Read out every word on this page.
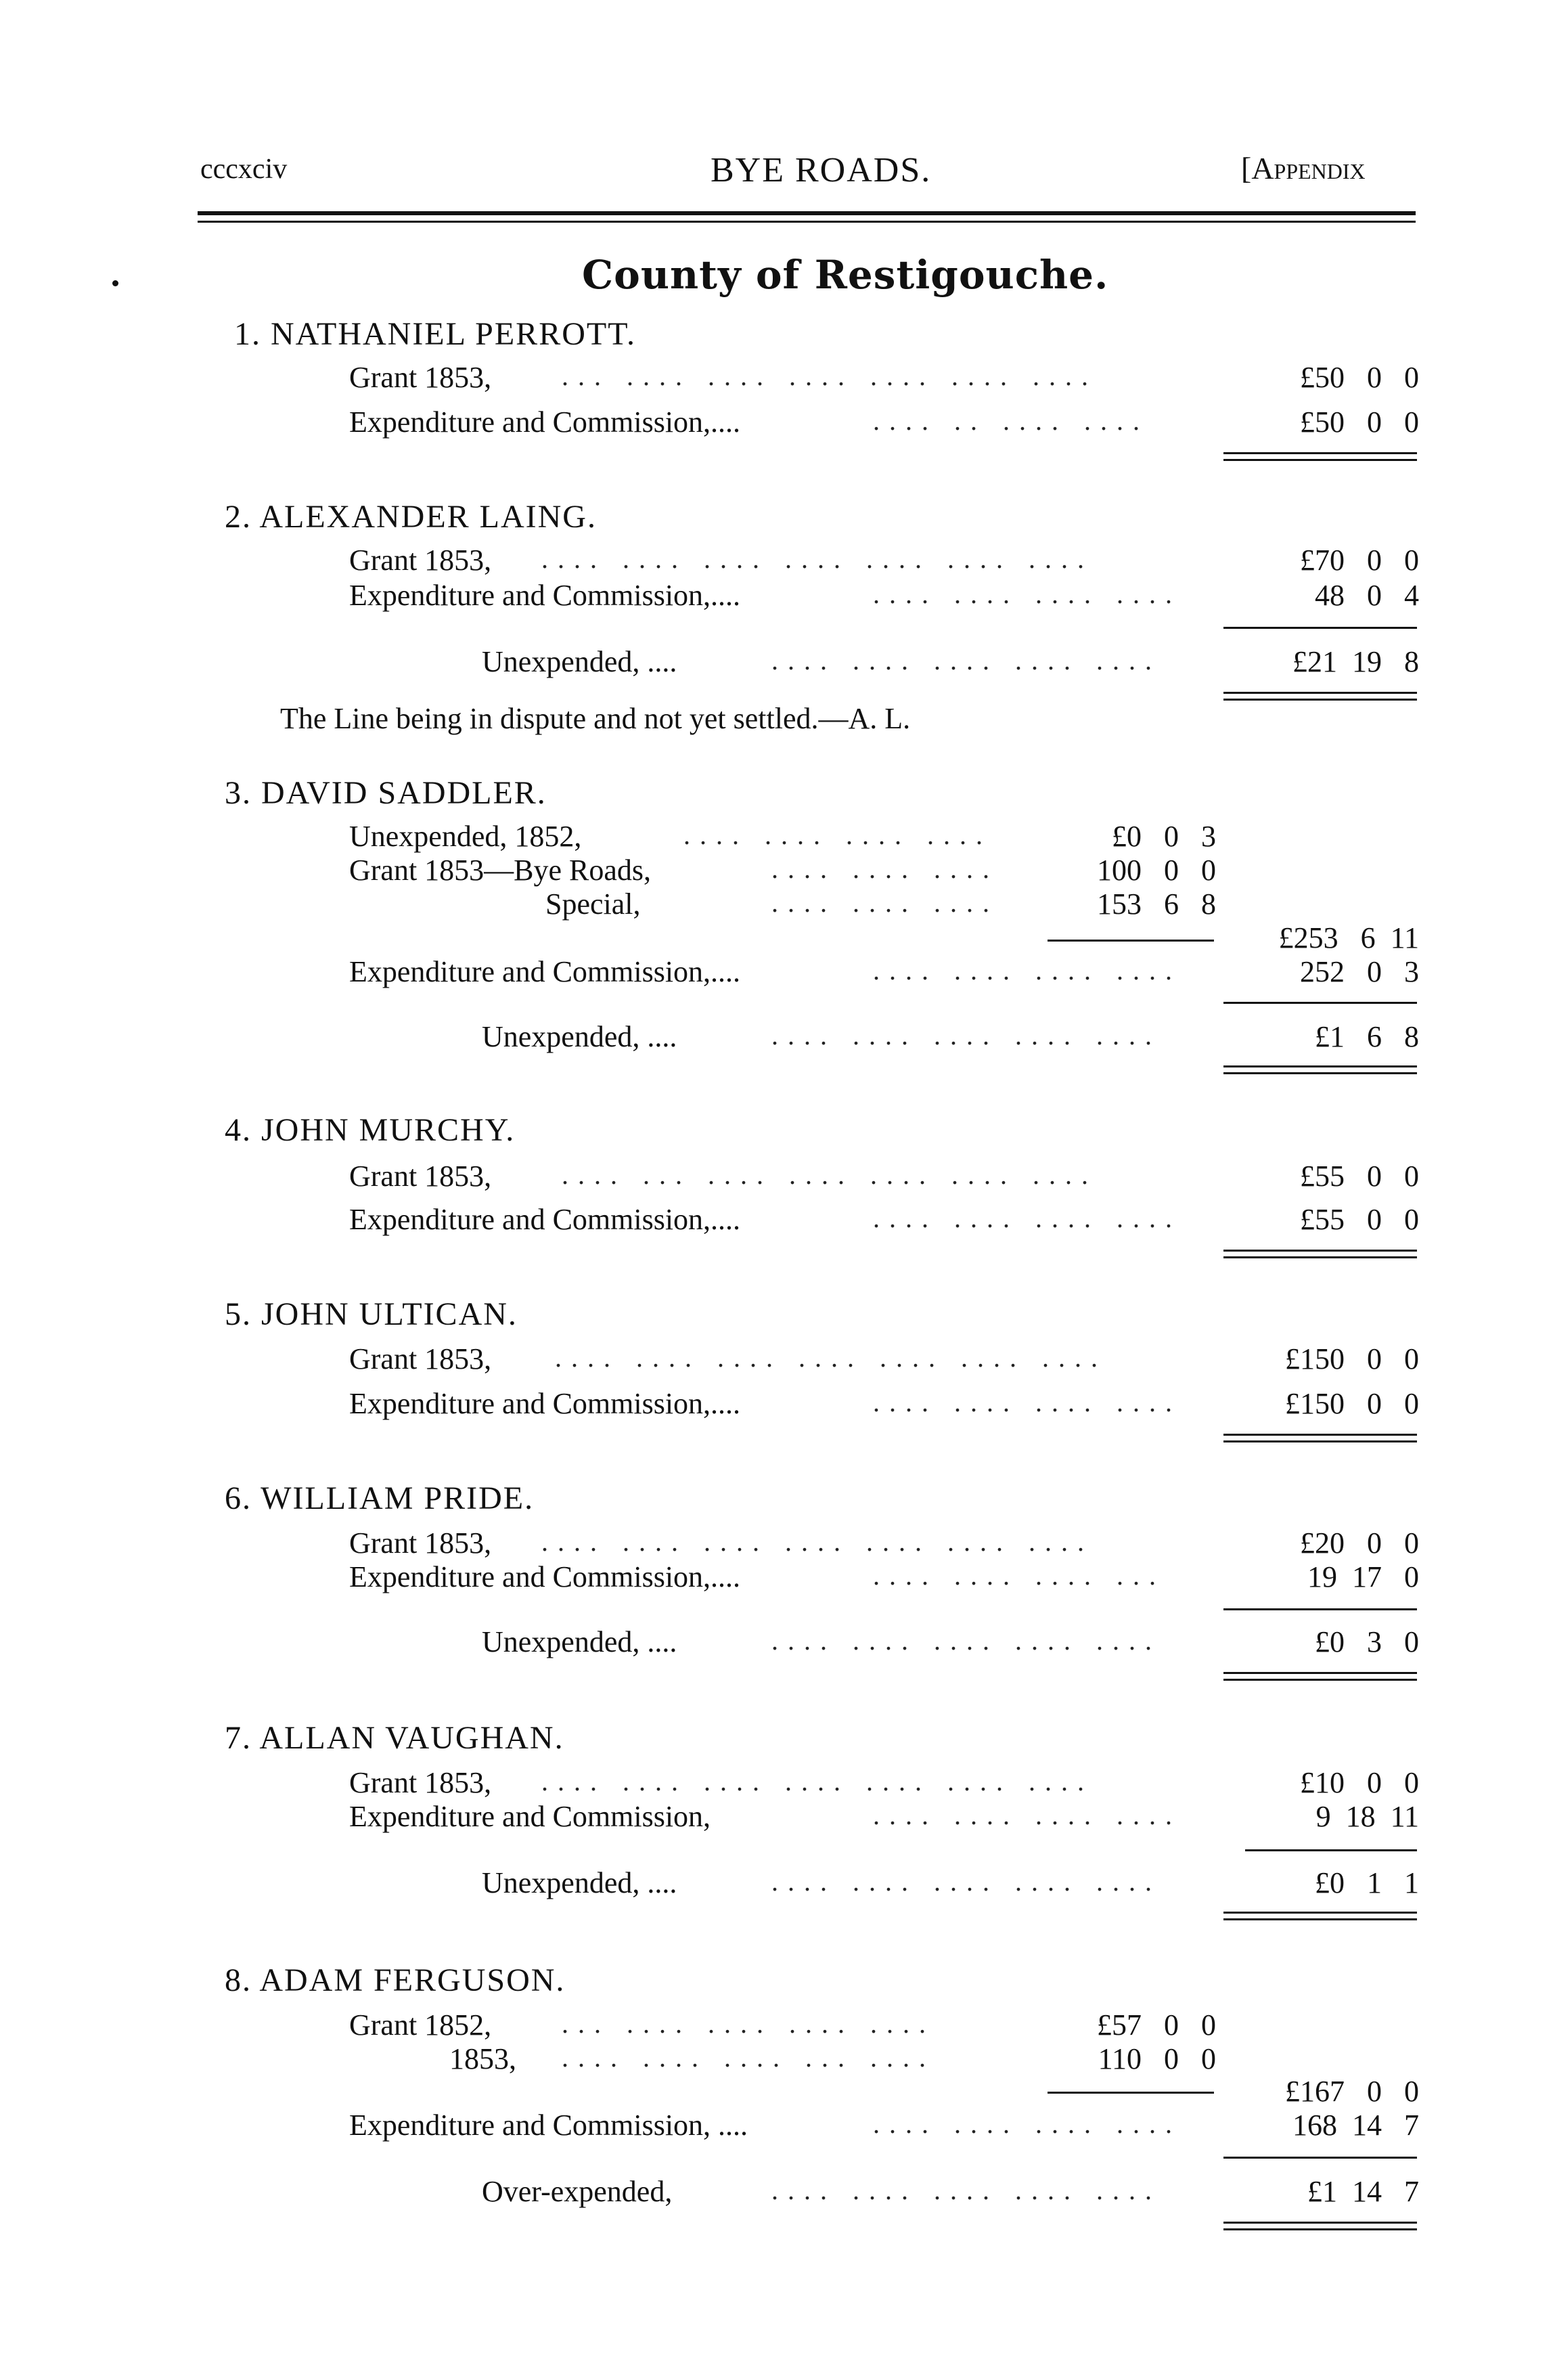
cccxciv	BYE ROADS.	[Appendix
County of Restigouche.
1. NATHANIEL PERROTT.
Grant 1853,	... .... .... .... .... .... ....	£50   0   0
Expenditure and Commission,....	.... .. .... ....	£50   0   0
2. ALEXANDER LAING.
Grant 1853, .... .... .... .... .... .... ....	£70   0   0
Expenditure and Commission,....	.... .... .... ....	48   0   4
Unexpended, ....	.... .... .... .... ....	£21  19   8
The Line being in dispute and not yet settled.—A. L.
3. DAVID SADDLER.
Unexpended, 1852,	.... .... .... ....	£0   0   3
Grant 1853—Bye Roads,	.... .... ....	100   0   0
Special,	.... .... ....	153   6   8
£253   6  11
Expenditure and Commission,....	.... .... .... ....	252   0   3
Unexpended, ....	.... .... .... .... ....	£1   6   8
4. JOHN MURCHY.
Grant 1853,	.... ... .... .... .... .... ....	£55   0   0
Expenditure and Commission,....	.... .... .... ....	£55   0   0
5. JOHN ULTICAN.
Grant 1853, .... .... .... .... .... .... ....	£150   0   0
Expenditure and Commission,....	.... .... .... ....	£150   0   0
6. WILLIAM PRIDE.
Grant 1853, .... .... .... .... .... .... ....	£20   0   0
Expenditure and Commission,....	.... .... .... ...	19  17   0
Unexpended, ....	.... .... .... .... ....	£0   3   0
7. ALLAN VAUGHAN.
Grant 1853, .... .... .... .... .... .... ....	£10   0   0
Expenditure and Commission,	.... .... .... ....	9  18  11
Unexpended, ....	.... .... .... .... ....	£0   1   1
8. ADAM FERGUSON.
Grant 1852,	... .... .... .... ....	£57   0   0
1853, .... .... .... ... ....	110   0   0
£167   0   0
Expenditure and Commission, ....	.... .... .... ....	168  14   7
Over-expended,	.... .... .... .... ....	£1  14   7
